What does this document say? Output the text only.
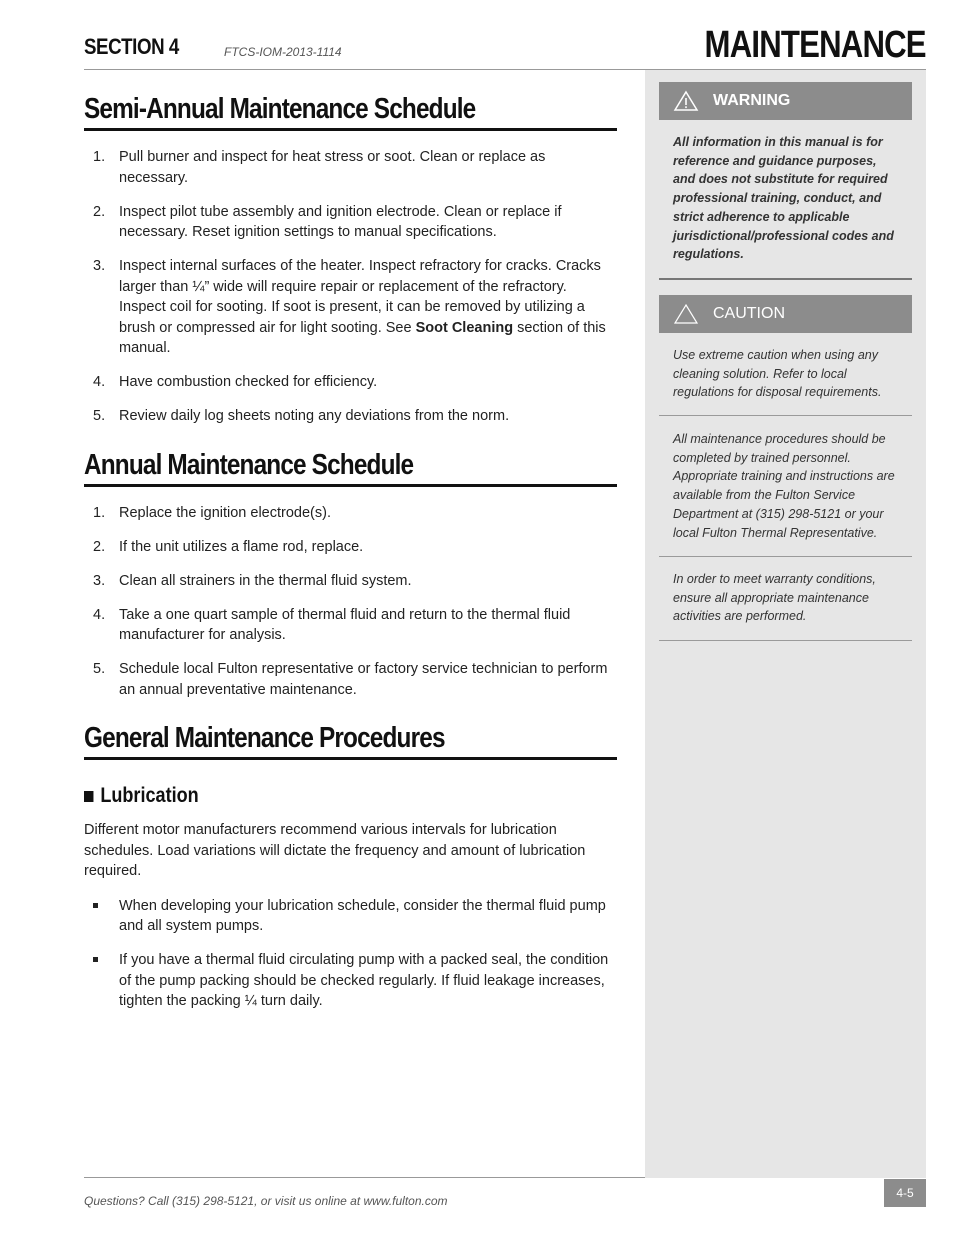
SECTION 4	FTCS-IOM-2013-1114	MAINTENANCE
WARNING
All information in this manual is for reference and guidance purposes, and does not substitute for required professional training, conduct, and strict adherence to applicable jurisdictional/professional codes and regulations.
CAUTION
Use extreme caution when using any cleaning solution. Refer to local regulations for disposal requirements.
All maintenance procedures should be completed by trained personnel. Appropriate training and instructions are available from the Fulton Service Department at (315) 298-5121 or your local Fulton Thermal Representative.
In order to meet warranty conditions, ensure all appropriate maintenance activities are performed.
Semi-Annual Maintenance Schedule
1. Pull burner and inspect for heat stress or soot. Clean or replace as necessary.
2. Inspect pilot tube assembly and ignition electrode. Clean or replace if necessary. Reset ignition settings to manual specifications.
3. Inspect internal surfaces of the heater. Inspect refractory for cracks. Cracks larger than ¼” wide will require repair or replacement of the refractory. Inspect coil for sooting. If soot is present, it can be removed by utilizing a brush or compressed air for light sooting. See Soot Cleaning section of this manual.
4. Have combustion checked for efficiency.
5. Review daily log sheets noting any deviations from the norm.
Annual Maintenance Schedule
1. Replace the ignition electrode(s).
2. If the unit utilizes a flame rod, replace.
3. Clean all strainers in the thermal fluid system.
4. Take a one quart sample of thermal fluid and return to the thermal fluid manufacturer for analysis.
5. Schedule local Fulton representative or factory service technician to perform an annual preventative maintenance.
General Maintenance Procedures
Lubrication

Different motor manufacturers recommend various intervals for lubrication schedules. Load variations will dictate the frequency and amount of lubrication required.

When developing your lubrication schedule, consider the thermal fluid pump and all system pumps.
If you have a thermal fluid circulating pump with a packed seal, the condition of the pump packing should be checked regularly. If fluid leakage increases, tighten the packing ¼ turn daily.
Questions? Call (315) 298-5121, or visit us online at www.fulton.com
4-5
